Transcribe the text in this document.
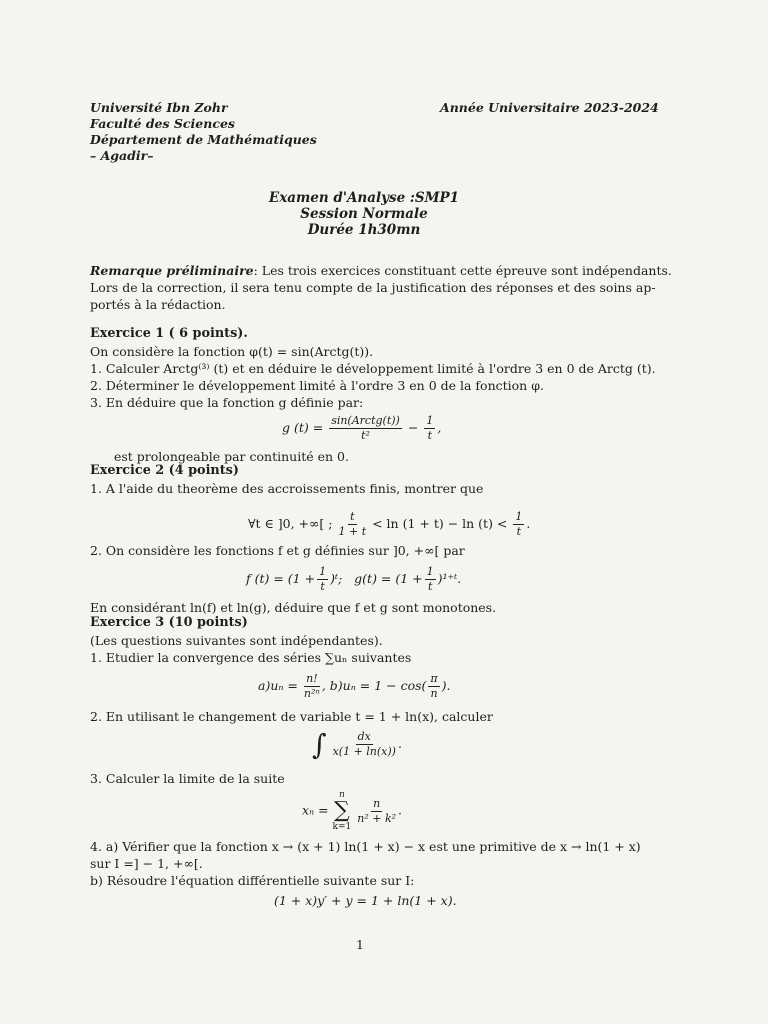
Université Ibn Zohr
Faculté des Sciences
Département de Mathématiques
– Agadir–
Année Universitaire 2023-2024
Examen d'Analyse :SMP1
Session Normale
Durée 1h30mn
Remarque préliminaire: Les trois exercices constituant cette épreuve sont indépendants.
Lors de la correction, il sera tenu compte de la justification des réponses et des soins ap-
portés à la rédaction.
Exercice 1 ( 6 points).
On considère la fonction φ(t) = sin(Arctg(t)).
1. Calculer Arctg⁽³⁾ (t) et en déduire le développement limité à l'ordre 3 en 0 de Arctg (t).
2. Déterminer le développement limité à l'ordre 3 en 0 de la fonction φ.
3. En déduire que la fonction g définie par:
g $(t) = \frac{\text{sin(Arctg(t))}}{\text{t²}} - \frac{1}{t}$ ,
est prolongeable par continuité en 0.
Exercice 2 (4 points)
1. A l'aide du theorème des accroissements finis, montrer que
∀t ∈ ]0, +∞[ ; $\frac{t}{1 + t} < \ln (1 + t) - \ln (t) < \frac{1}{t}$ .
2. On considère les fonctions f et g définies sur ]0, +∞[ par
f $(t) = (1 + \frac{1}{t}$ )ᵗ; $g(t) = (1 + \frac{1}{t}$ )¹⁺ᵗ.
En considérant ln(f) et ln(g), déduire que f et g sont monotones.
Exercice 3 (10 points)
(Les questions suivantes sont indépendantes).
1. Etudier la convergence des séries ∑uₙ suivantes
$a)u_n = \frac{n!}{\text{n²ⁿ}}$ , $b)u_n = 1 - \cos( \frac{\pi}{n}$ ).
2. En utilisant le changement de variable t = 1 + ln(x), calculer
∫ $\frac{dx}{x(1 + \ln(x))}$ .
3. Calculer la limite de la suite
xₙ =
n
∑
k=1

$\frac{n}{\text{n² + k²}}$ .
4. a) Vérifier que la fonction x → (x + 1) ln(1 + x) − x est une primitive de x → ln(1 + x)
sur I =] − 1, +∞[.
b) Résoudre l'équation différentielle suivante sur I:
(1 + x)y′ + y = 1 + ln(1 + x).
1
